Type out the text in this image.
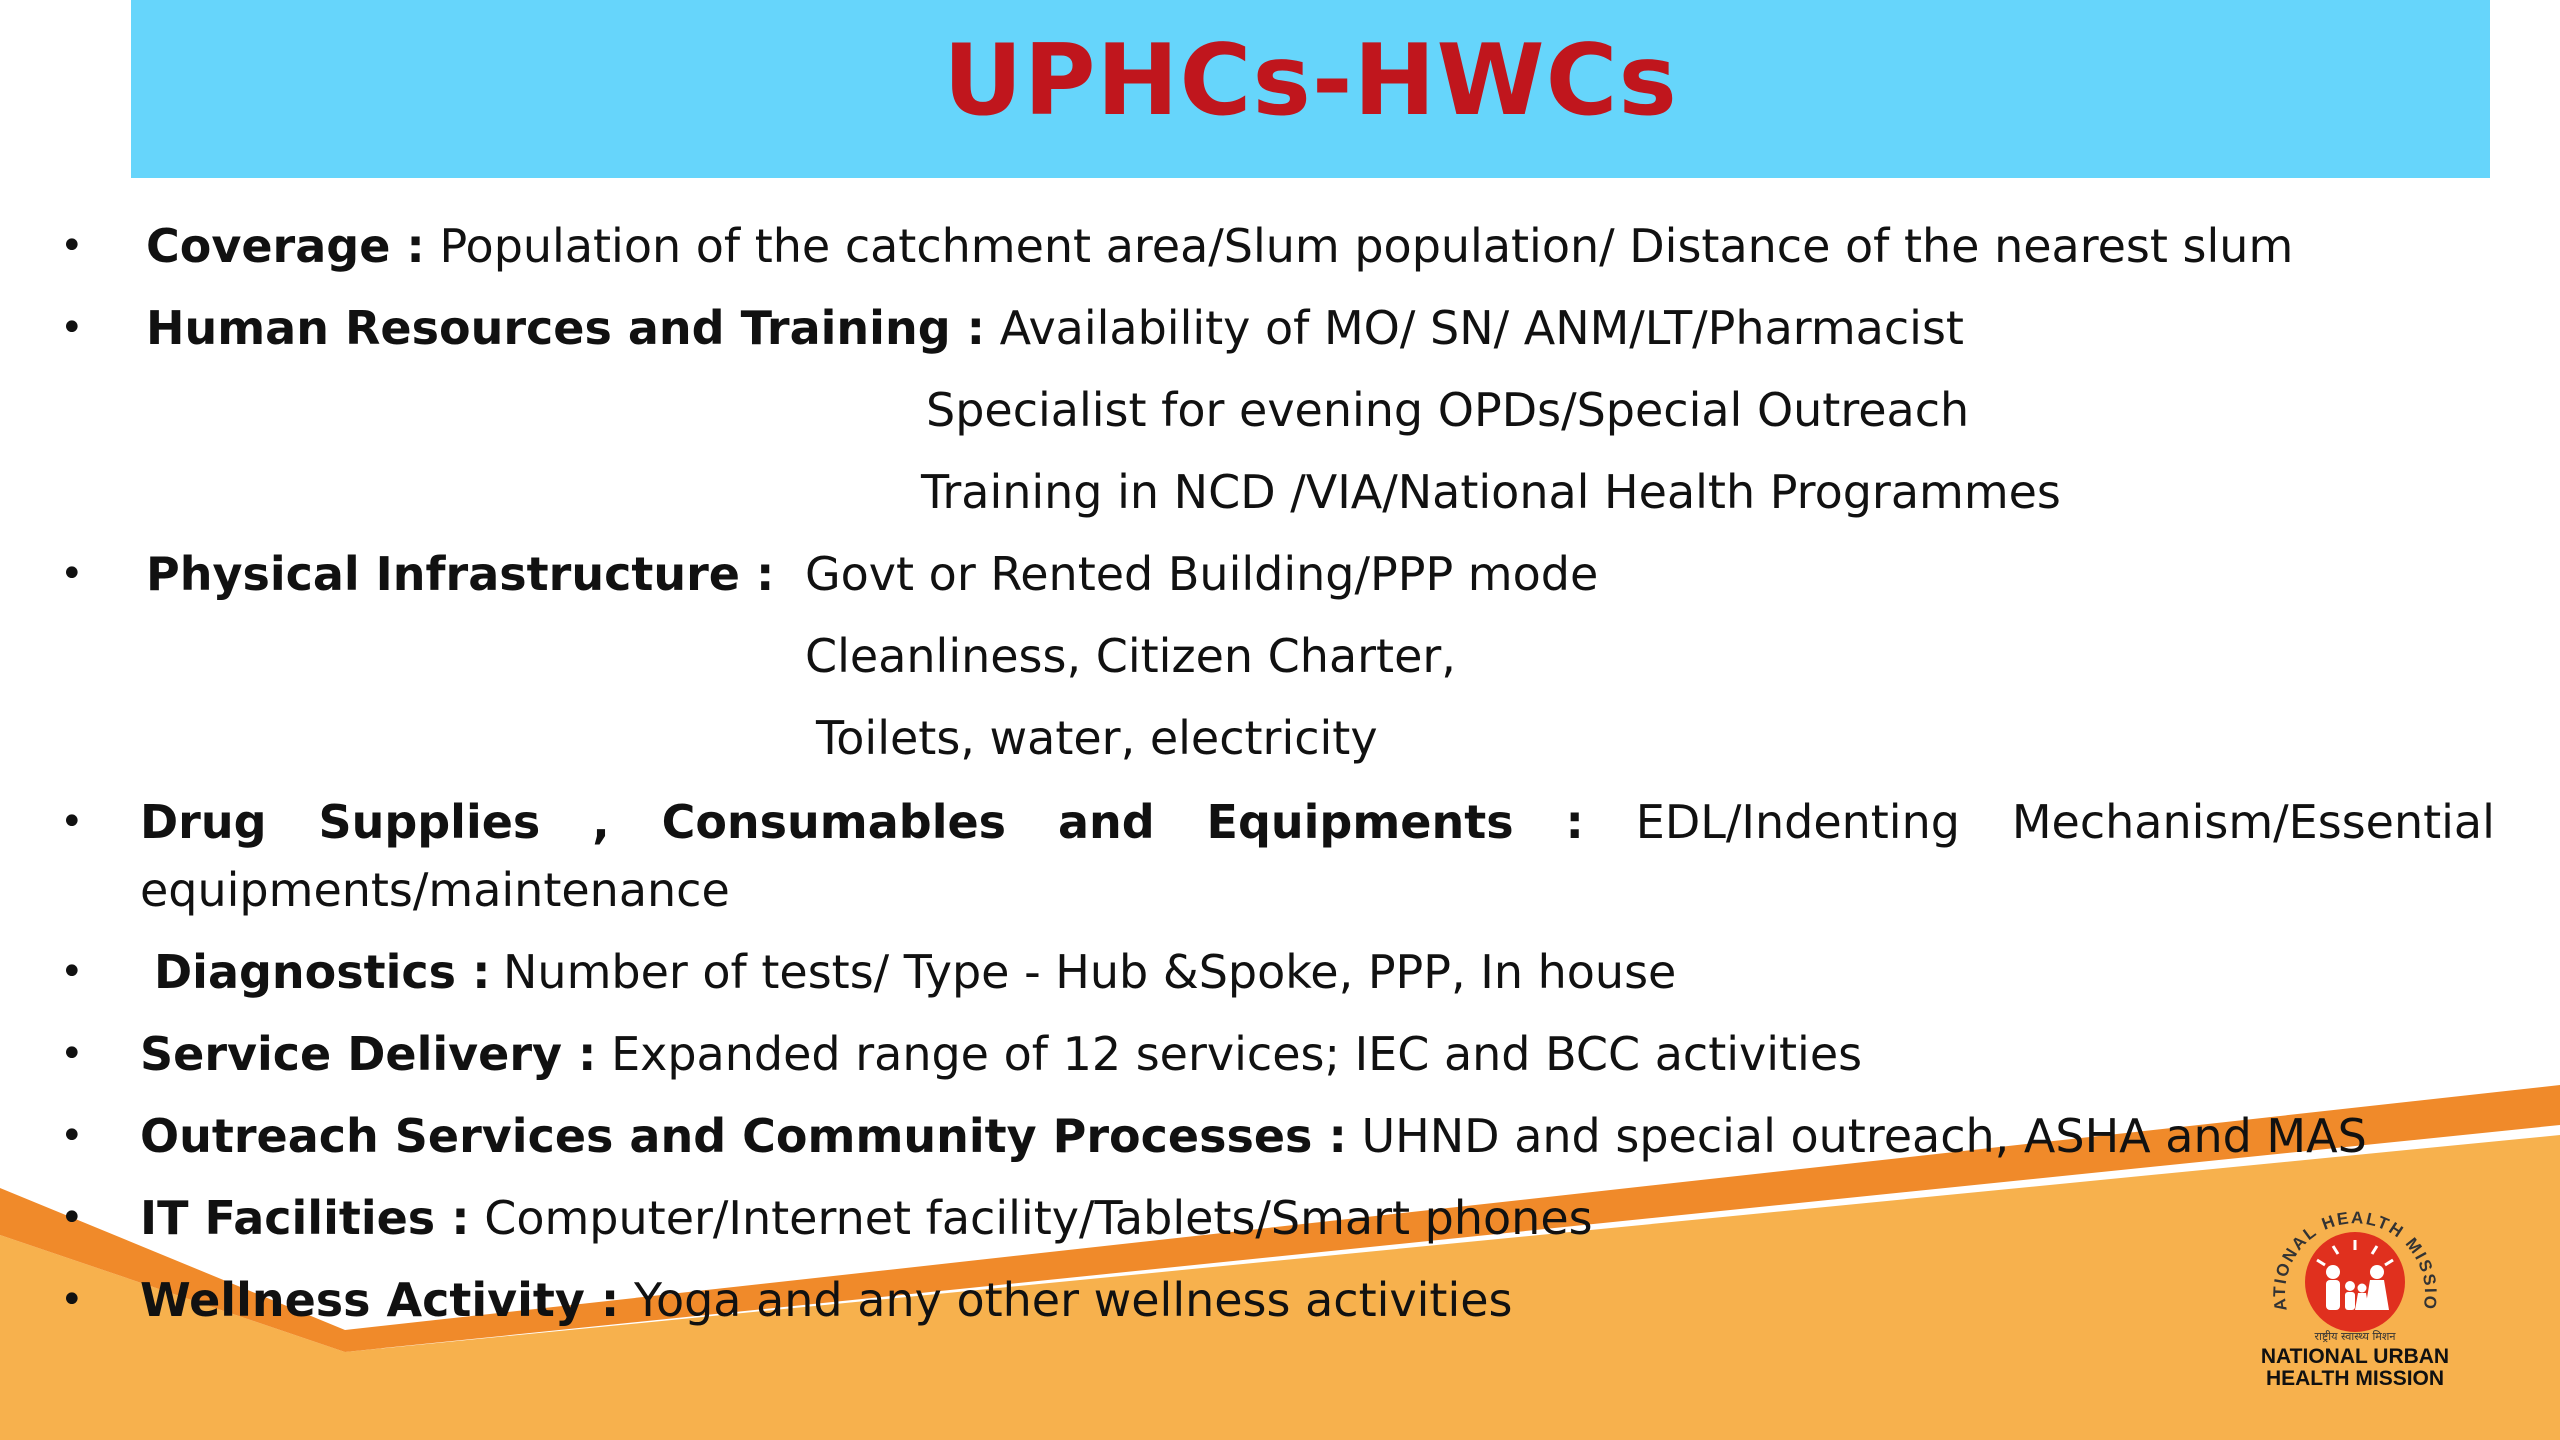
UPHCs-HWCs
• Coverage : Population of the catchment area/Slum population/ Distance of the nearest slum
• Human Resources and Training : Availability of MO/ SN/ ANM/LT/Pharmacist
Specialist for evening OPDs/Special Outreach
Training in NCD /VIA/National Health Programmes
• Physical Infrastructure : Govt or Rented Building/PPP mode
Cleanliness, Citizen Charter,
Toilets, water, electricity
• Drug Supplies , Consumables and Equipments : EDL/Indenting Mechanism/Essential
equipments/maintenance
• Diagnostics : Number of tests/ Type - Hub &Spoke, PPP, In house
• Service Delivery : Expanded range of 12 services; IEC and BCC activities
• Outreach Services and Community Processes : UHND and special outreach, ASHA and MAS
• IT Facilities : Computer/Internet facility/Tablets/Smart phones
• Wellness Activity : Yoga and any other wellness activities	ATIONAL HEALTH MISSIO
राष्ट्रीय स्वास्थ्य मिशन
NATIONAL URBAN
HEALTH MISSION
